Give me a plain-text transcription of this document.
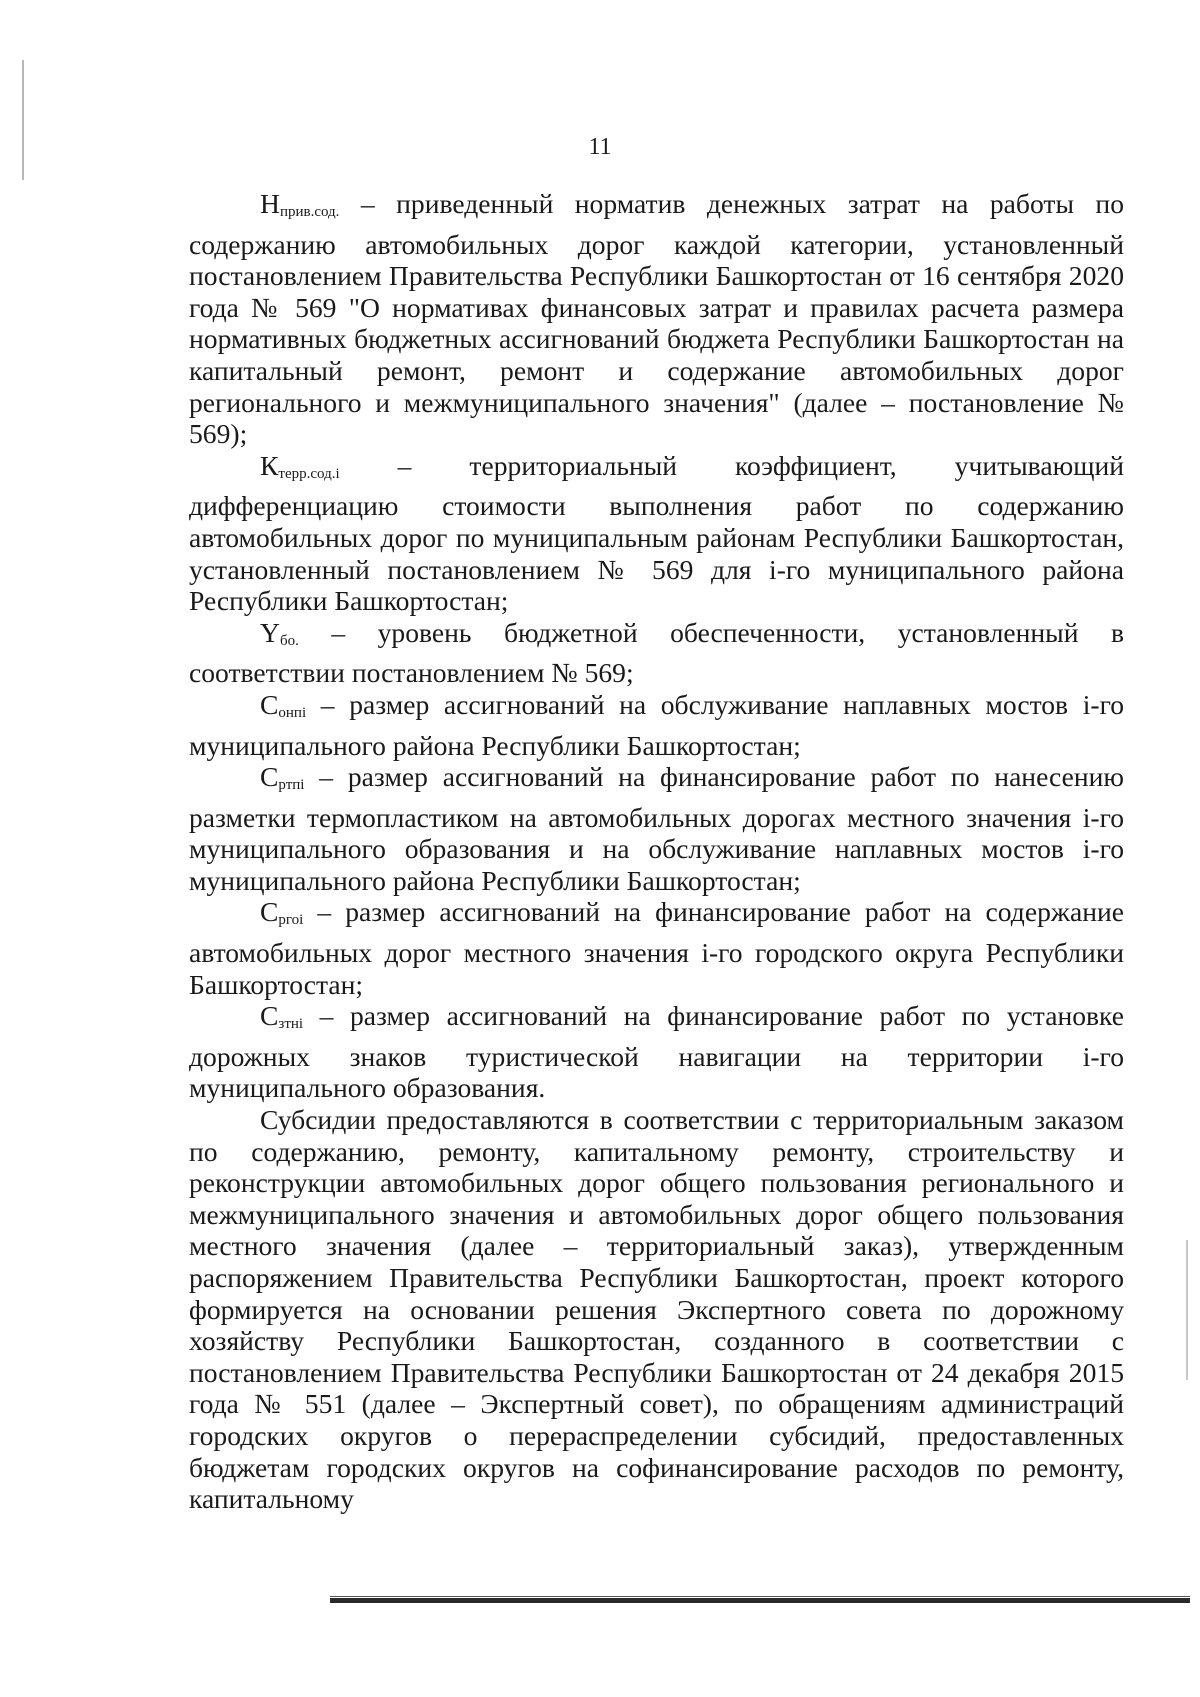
11

$Н_{прив.сод.}$ – приведенный норматив денежных затрат на работы по содержанию автомобильных дорог каждой категории, установленный постановлением Правительства Республики Башкортостан от 16 сентября 2020 года № 569 "О нормативах финансовых затрат и правилах расчета размера нормативных бюджетных ассигнований бюджета Республики Башкортостан на капитальный ремонт, ремонт и содержание автомобильных дорог регионального и межмуниципального значения" (далее – постановление № 569);

$К_{терр.сод.i}$ – территориальный коэффициент, учитывающий дифференциацию стоимости выполнения работ по содержанию автомобильных дорог по муниципальным районам Республики Башкортостан, установленный постановлением № 569 для i-го муниципального района Республики Башкортостан;

$Y_{бо.}$ – уровень бюджетной обеспеченности, установленный в соответствии постановлением № 569;

$С_{онпi}$ – размер ассигнований на обслуживание наплавных мостов i-го муниципального района Республики Башкортостан;

$С_{ртпi}$ – размер ассигнований на финансирование работ по нанесению разметки термопластиком на автомобильных дорогах местного значения i-го муниципального образования и на обслуживание наплавных мостов i-го муниципального района Республики Башкортостан;

$С_{ргоi}$ – размер ассигнований на финансирование работ на содержание автомобильных дорог местного значения i-го городского округа Республики Башкортостан;

$С_{зтнi}$ – размер ассигнований на финансирование работ по установке дорожных знаков туристической навигации на территории i-го муниципального образования.

Субсидии предоставляются в соответствии с территориальным заказом по содержанию, ремонту, капитальному ремонту, строительству и реконструкции автомобильных дорог общего пользования регионального и межмуниципального значения и автомобильных дорог общего пользования местного значения (далее – территориальный заказ), утвержденным распоряжением Правительства Республики Башкортостан, проект которого формируется на основании решения Экспертного совета по дорожному хозяйству Республики Башкортостан, созданного в соответствии с постановлением Правительства Республики Башкортостан от 24 декабря 2015 года № 551 (далее – Экспертный совет), по обращениям администраций городских округов о перераспределении субсидий, предоставленных бюджетам городских округов на софинансирование расходов по ремонту, капитальному
